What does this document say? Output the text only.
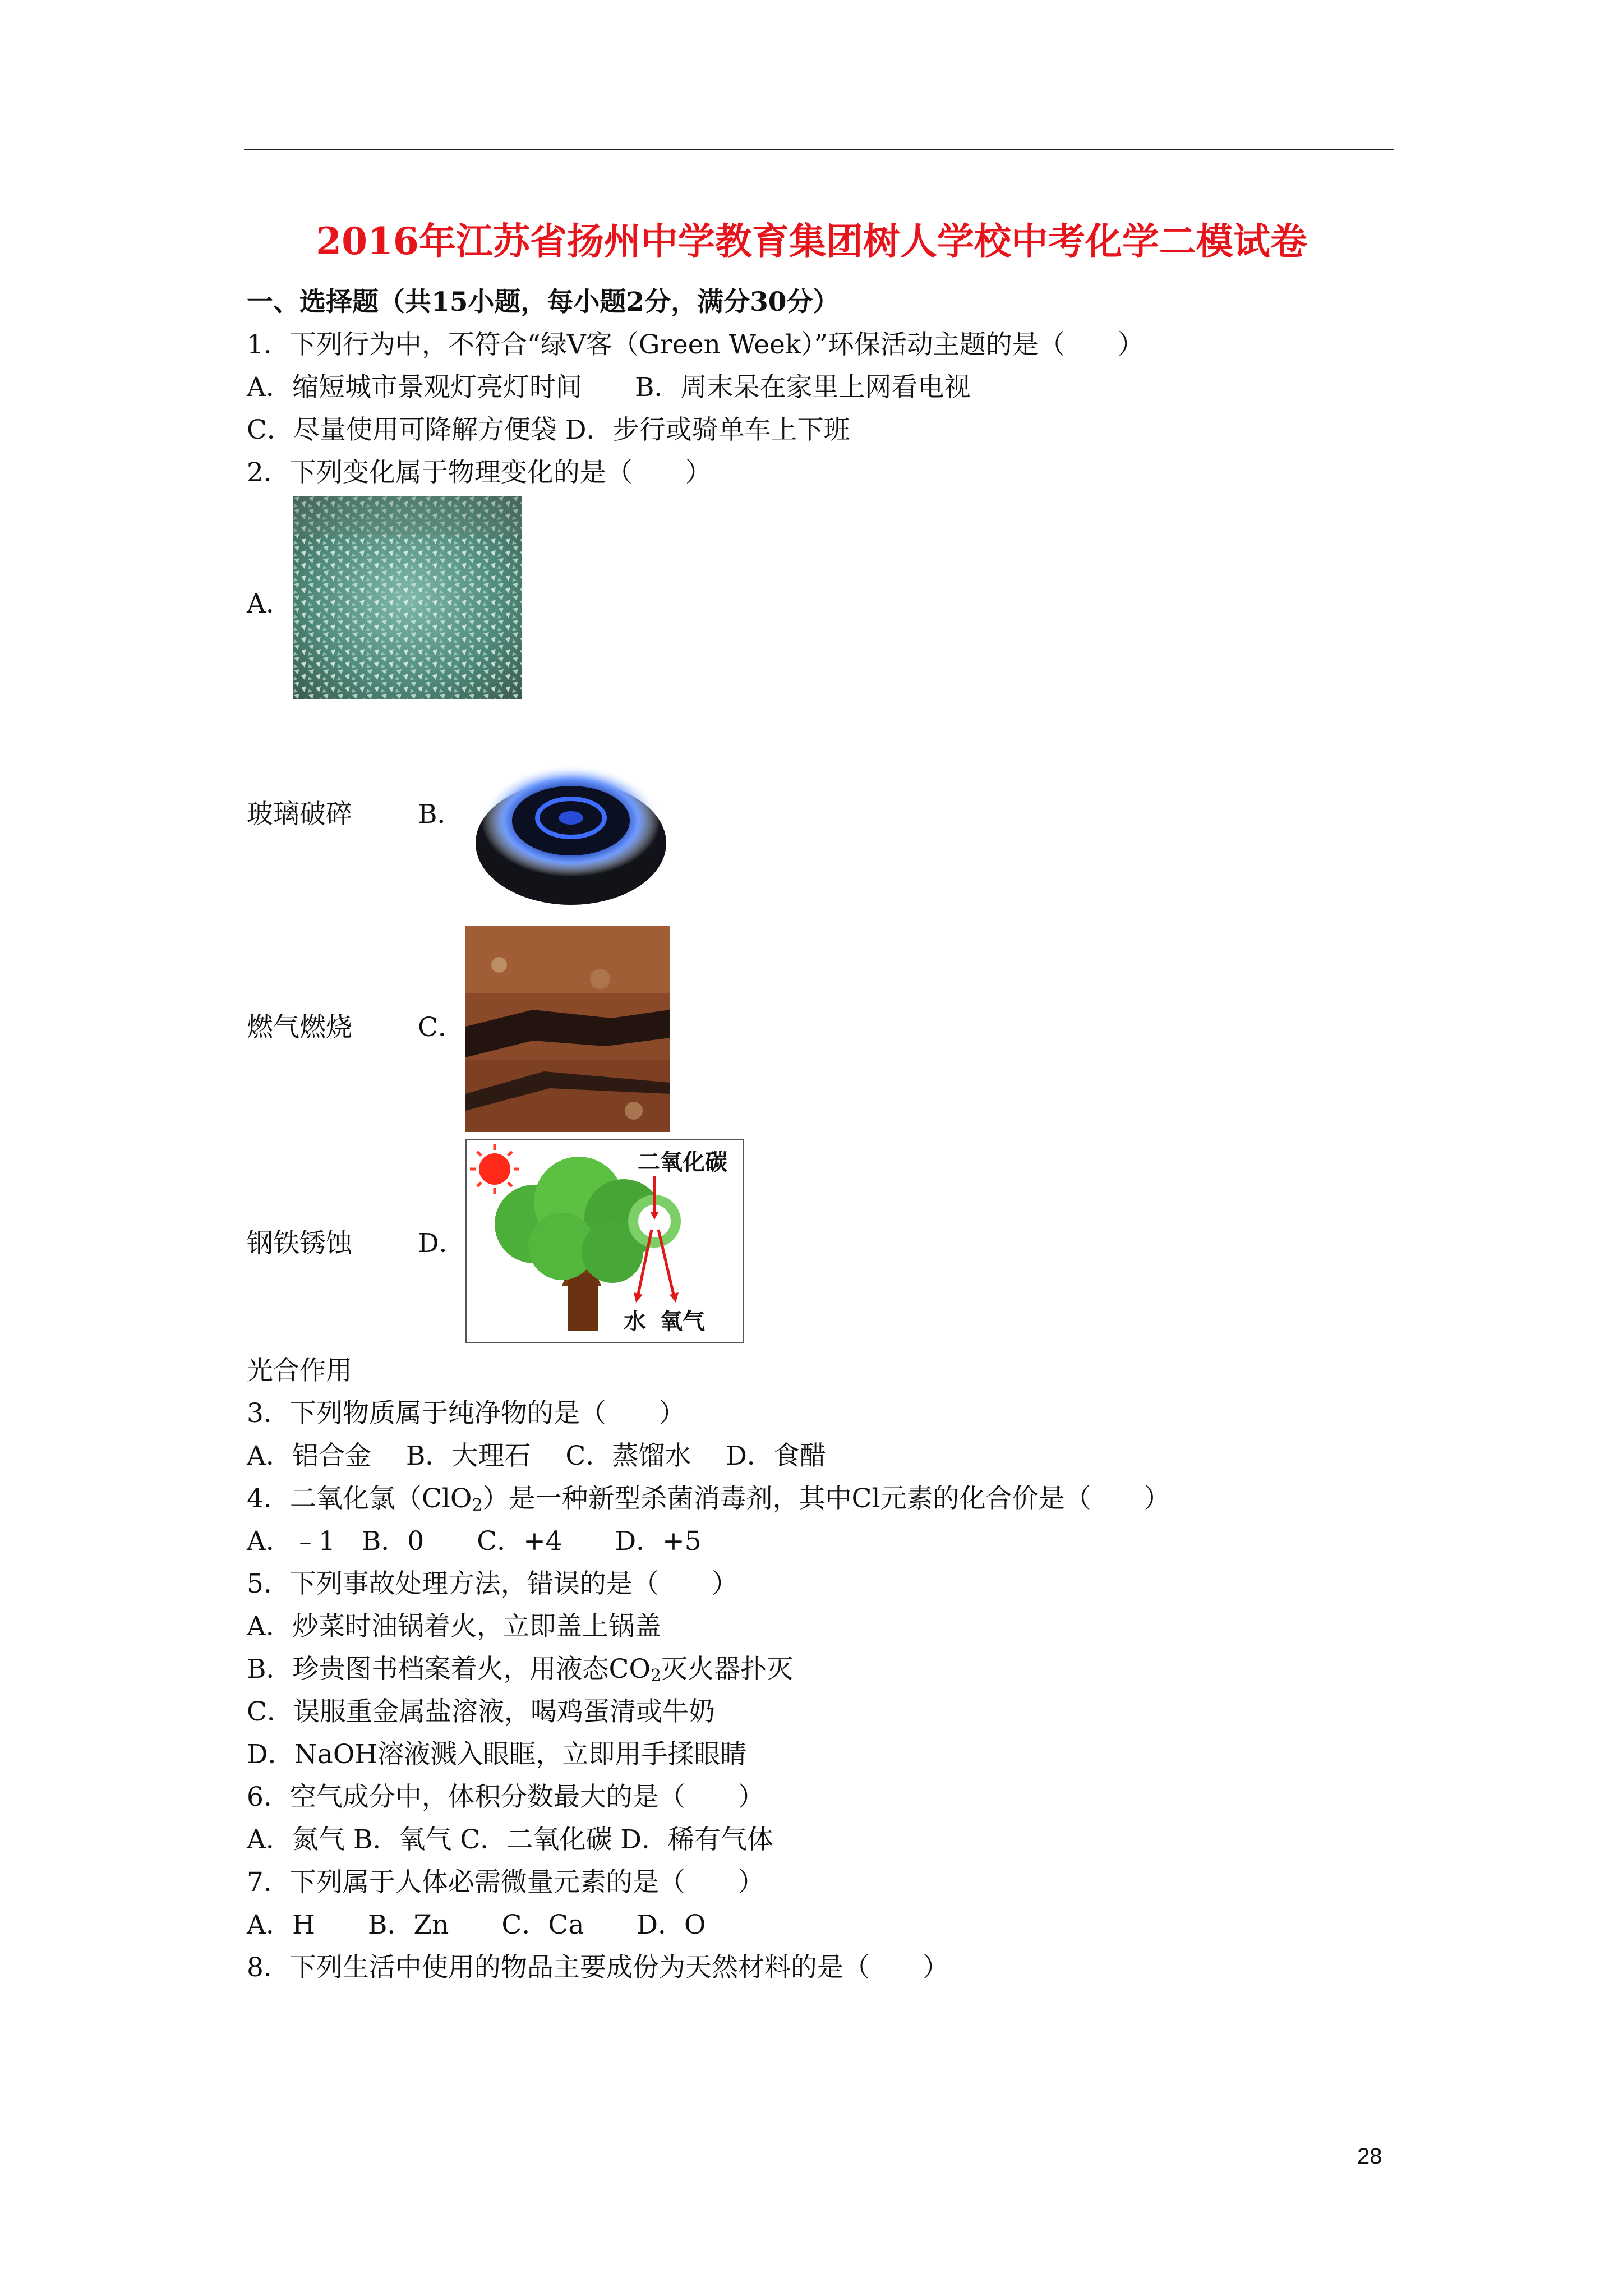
2016年江苏省扬州中学教育集团树人学校中考化学二模试卷
一、选择题（共15小题，每小题2分，满分30分）
1．下列行为中，不符合“绿V客（Green Week）”环保活动主题的是（　　）
A．缩短城市景观灯亮灯时间　　B．周末呆在家里上网看电视
C．尽量使用可降解方便袋 D．步行或骑单车上下班
2．下列变化属于物理变化的是（　　）
A．
玻璃破碎 B．
燃气燃烧 C．
钢铁锈蚀 D．
二氧化碳
水 氧气
光合作用
3．下列物质属于纯净物的是（　　）
A．铝合金　 B．大理石　 C．蒸馏水　 D．食醋
4．二氧化氯（ClO$_2$）是一种新型杀菌消毒剂，其中Cl元素的化合价是（　　）
A．﹣1　B．0　　C．+4　　D．+5
5．下列事故处理方法，错误的是（　　）
A．炒菜时油锅着火，立即盖上锅盖
B．珍贵图书档案着火，用液态$CO_2$灭火器扑灭
C．误服重金属盐溶液，喝鸡蛋清或牛奶
D．NaOH溶液溅入眼眶，立即用手揉眼睛
6．空气成分中，体积分数最大的是（　　）
A．氮气 B．氧气 C．二氧化碳 D．稀有气体
7．下列属于人体必需微量元素的是（　　）
A．H　　B．Zn　　C．Ca　　D．O
8．下列生活中使用的物品主要成份为天然材料的是（　　）
28
